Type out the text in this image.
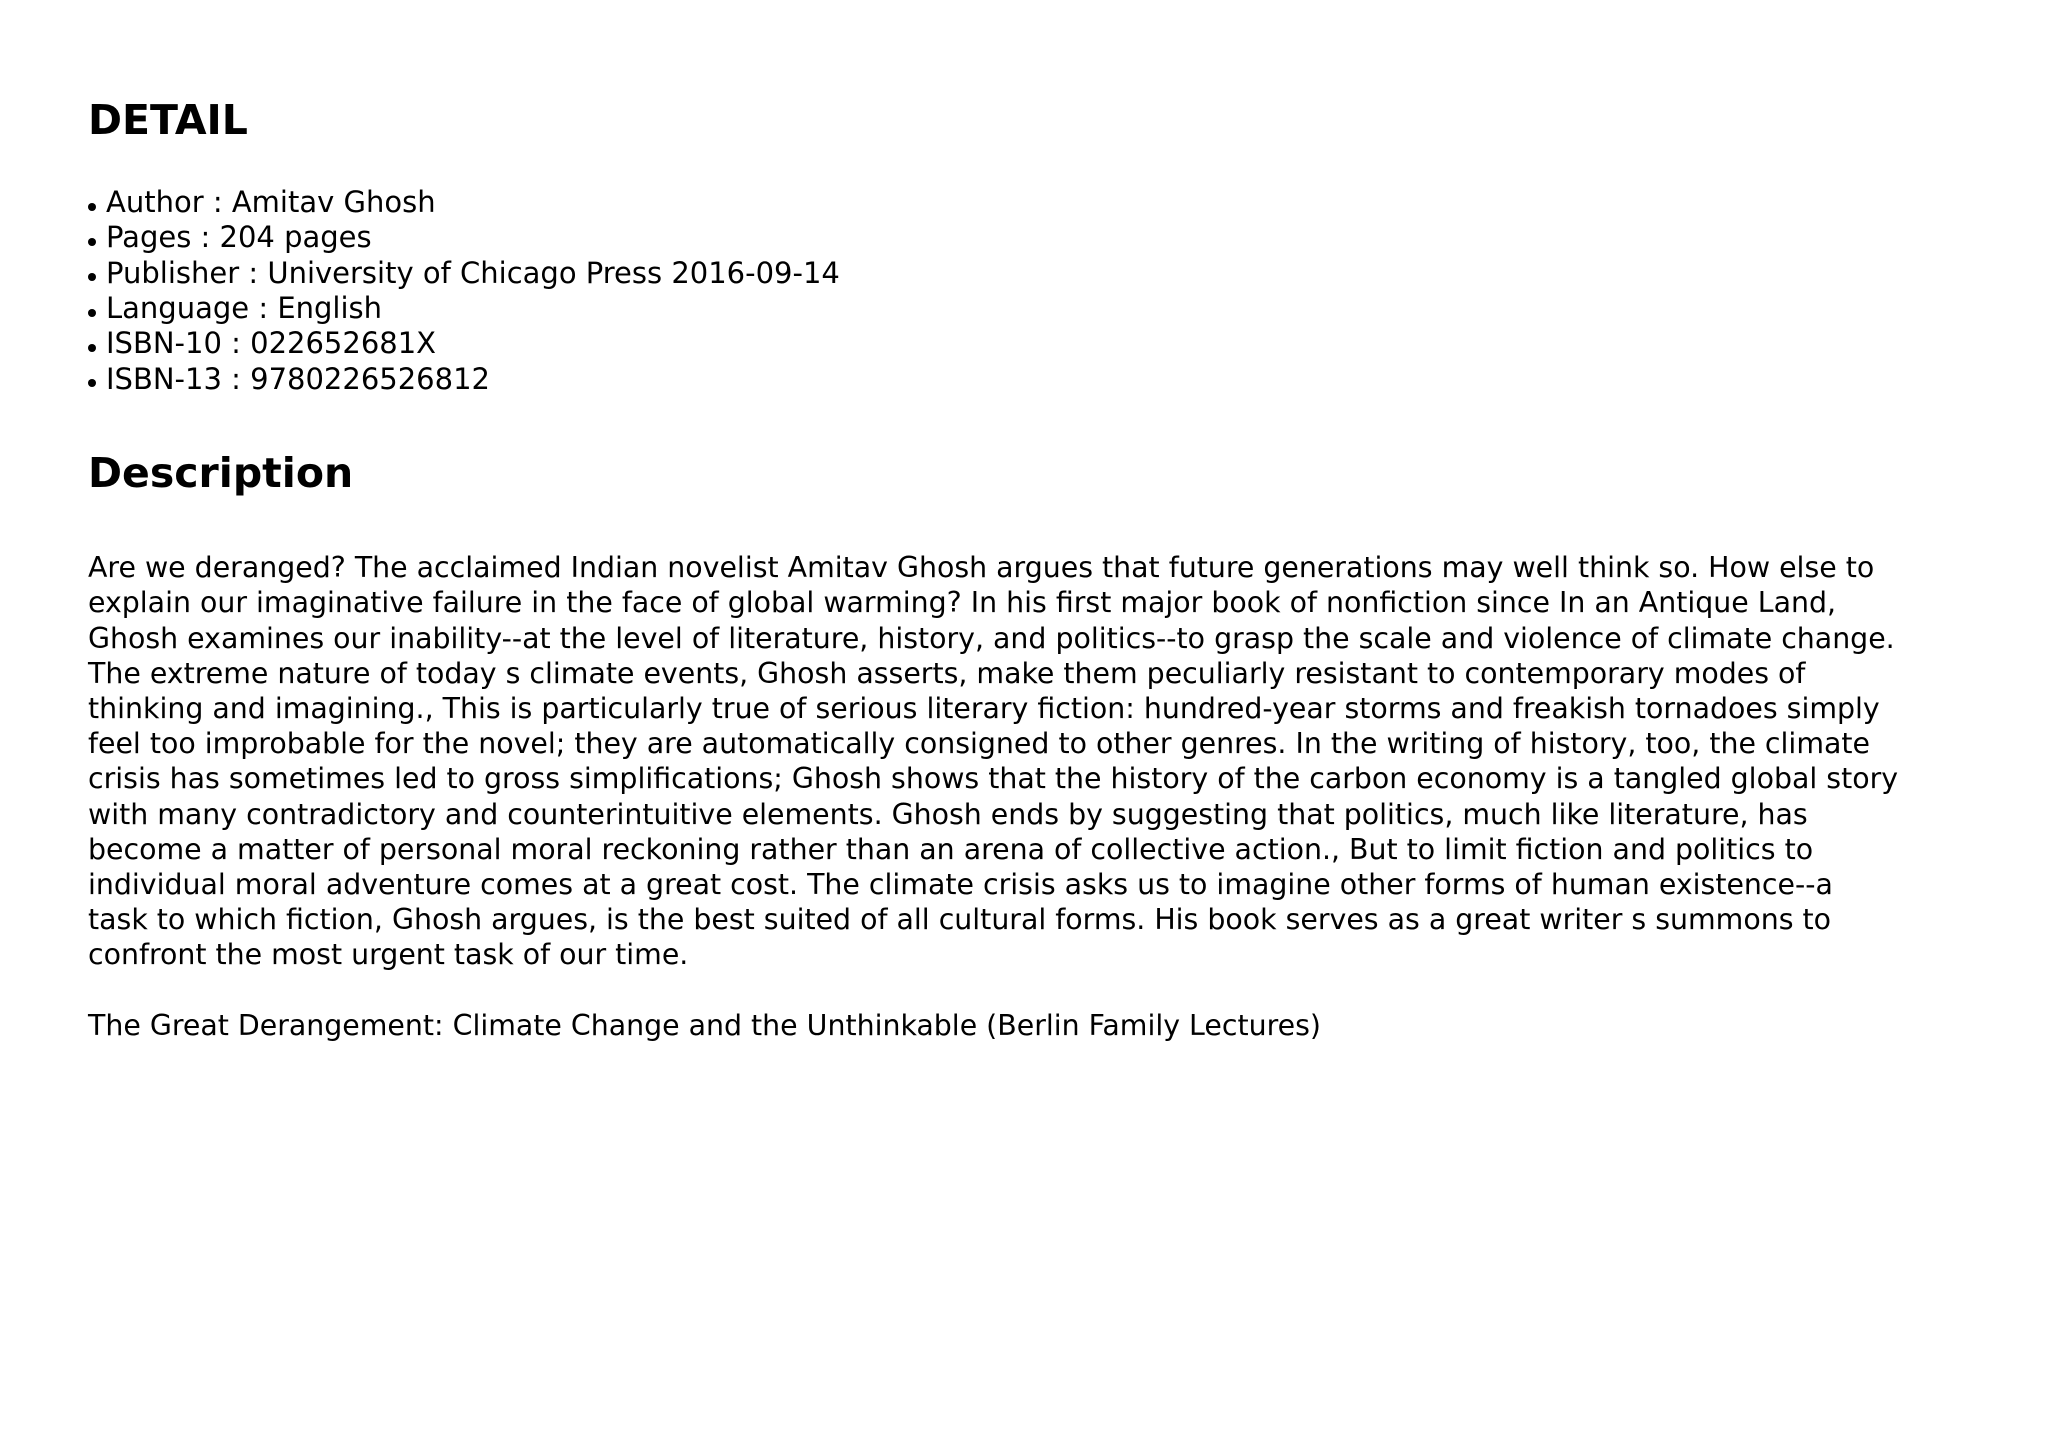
DETAIL
Author : Amitav Ghosh
Pages : 204 pages
Publisher : University of Chicago Press 2016-09-14
Language : English
ISBN-10 : 022652681X
ISBN-13 : 9780226526812
Description

Are we deranged? The acclaimed Indian novelist Amitav Ghosh argues that future generations may well think so. How else to
explain our imaginative failure in the face of global warming? In his first major book of nonfiction since In an Antique Land,
Ghosh examines our inability--at the level of literature, history, and politics--to grasp the scale and violence of climate change.
The extreme nature of today s climate events, Ghosh asserts, make them peculiarly resistant to contemporary modes of
thinking and imagining., This is particularly true of serious literary fiction: hundred-year storms and freakish tornadoes simply
feel too improbable for the novel; they are automatically consigned to other genres. In the writing of history, too, the climate
crisis has sometimes led to gross simplifications; Ghosh shows that the history of the carbon economy is a tangled global story
with many contradictory and counterintuitive elements. Ghosh ends by suggesting that politics, much like literature, has
become a matter of personal moral reckoning rather than an arena of collective action., But to limit fiction and politics to
individual moral adventure comes at a great cost. The climate crisis asks us to imagine other forms of human existence--a
task to which fiction, Ghosh argues, is the best suited of all cultural forms. His book serves as a great writer s summons to
confront the most urgent task of our time.

The Great Derangement: Climate Change and the Unthinkable (Berlin Family Lectures)
